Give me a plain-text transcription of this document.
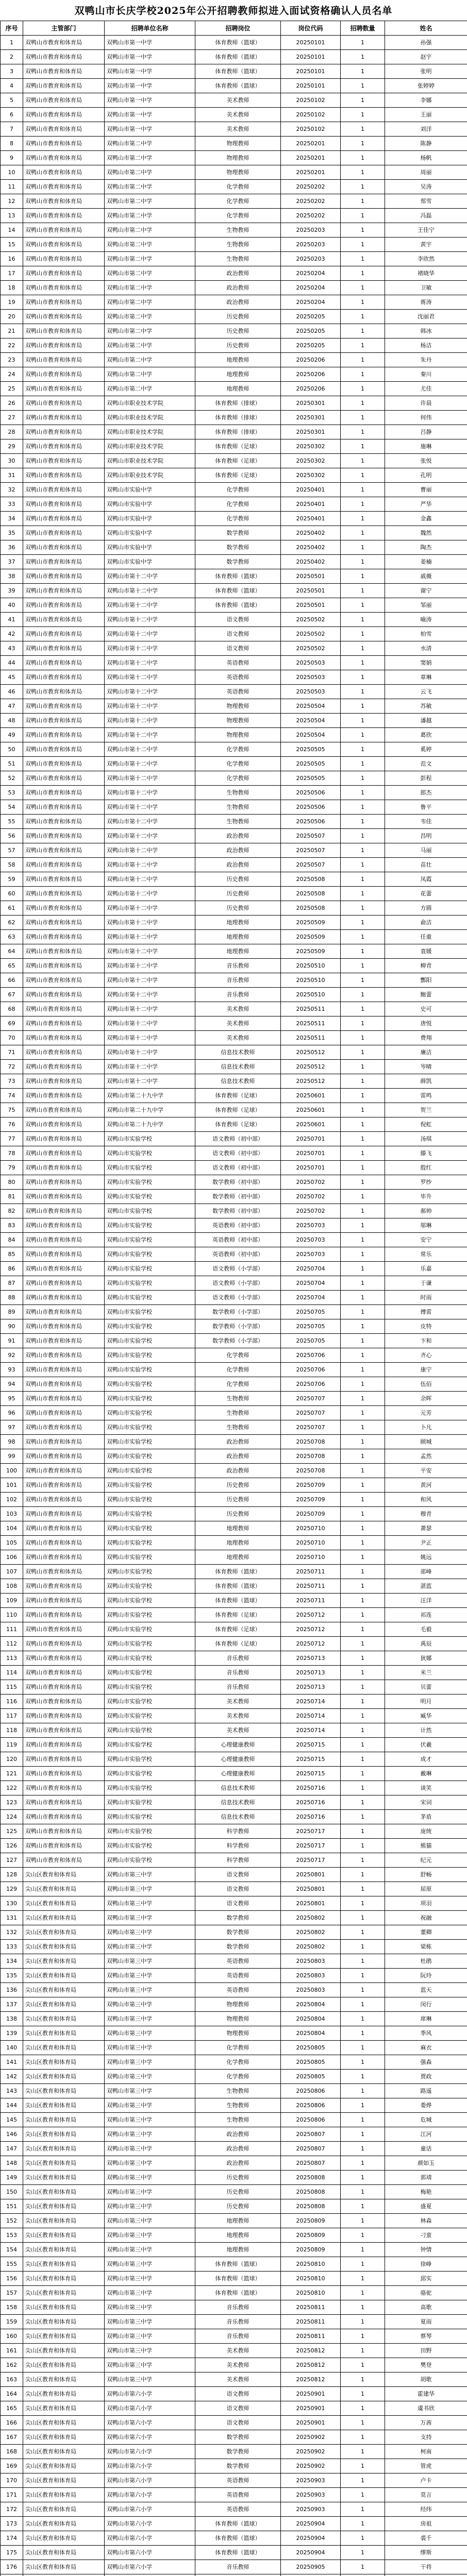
双鸭山市长庆学校2025年公开招聘教师拟进入面试资格确认人员名单
序号	主管部门	招聘单位名称	招聘岗位	岗位代码	招聘数量	姓名
1	双鸭山市教育和体育局	双鸭山市第一中学	体育教师（篮球）	20250101	1	孙强
2	双鸭山市教育和体育局	双鸭山市第一中学	体育教师（篮球）	20250101	1	赵宇
3	双鸭山市教育和体育局	双鸭山市第一中学	体育教师（篮球）	20250101	1	张明
4	双鸭山市教育和体育局	双鸭山市第一中学	体育教师（篮球）	20250101	1	张婷婷
5	双鸭山市教育和体育局	双鸭山市第一中学	美术教师	20250102	1	李娜
6	双鸭山市教育和体育局	双鸭山市第一中学	美术教师	20250102	1	王丽
7	双鸭山市教育和体育局	双鸭山市第一中学	美术教师	20250102	1	刘洋
8	双鸭山市教育和体育局	双鸭山市第二中学	物理教师	20250201	1	陈静
9	双鸭山市教育和体育局	双鸭山市第二中学	物理教师	20250201	1	杨帆
10	双鸭山市教育和体育局	双鸭山市第二中学	物理教师	20250201	1	周丽
11	双鸭山市教育和体育局	双鸭山市第二中学	化学教师	20250202	1	吴涛
12	双鸭山市教育和体育局	双鸭山市第二中学	化学教师	20250202	1	郑雪
13	双鸭山市教育和体育局	双鸭山市第二中学	化学教师	20250202	1	冯磊
14	双鸭山市教育和体育局	双鸭山市第二中学	生物教师	20250203	1	王佳宁
15	双鸭山市教育和体育局	双鸭山市第二中学	生物教师	20250203	1	黄宇
16	双鸭山市教育和体育局	双鸭山市第二中学	生物教师	20250203	1	李欣然
17	双鸭山市教育和体育局	双鸭山市第二中学	政治教师	20250204	1	褚晓华
18	双鸭山市教育和体育局	双鸭山市第二中学	政治教师	20250204	1	卫敏
19	双鸭山市教育和体育局	双鸭山市第二中学	政治教师	20250204	1	蒋涛
20	双鸭山市教育和体育局	双鸭山市第二中学	历史教师	20250205	1	沈丽君
21	双鸭山市教育和体育局	双鸭山市第二中学	历史教师	20250205	1	韩冰
22	双鸭山市教育和体育局	双鸭山市第二中学	历史教师	20250205	1	杨洁
23	双鸭山市教育和体育局	双鸭山市第二中学	地理教师	20250206	1	朱丹
24	双鸭山市教育和体育局	双鸭山市第二中学	地理教师	20250206	1	秦川
25	双鸭山市教育和体育局	双鸭山市第二中学	地理教师	20250206	1	尤佳
26	双鸭山市教育和体育局	双鸭山市职业技术学院	体育教师（排球）	20250301	1	许晨
27	双鸭山市教育和体育局	双鸭山市职业技术学院	体育教师（排球）	20250301	1	何伟
28	双鸭山市教育和体育局	双鸭山市职业技术学院	体育教师（排球）	20250301	1	吕静
29	双鸭山市教育和体育局	双鸭山市职业技术学院	体育教师（足球）	20250302	1	施琳
30	双鸭山市教育和体育局	双鸭山市职业技术学院	体育教师（足球）	20250302	1	张悦
31	双鸭山市教育和体育局	双鸭山市职业技术学院	体育教师（足球）	20250302	1	孔明
32	双鸭山市教育和体育局	双鸭山市实验中学	化学教师	20250401	1	曹丽
33	双鸭山市教育和体育局	双鸭山市实验中学	化学教师	20250401	1	严华
34	双鸭山市教育和体育局	双鸭山市实验中学	化学教师	20250401	1	金鑫
35	双鸭山市教育和体育局	双鸭山市实验中学	数学教师	20250402	1	魏然
36	双鸭山市教育和体育局	双鸭山市实验中学	数学教师	20250402	1	陶杰
37	双鸭山市教育和体育局	双鸭山市实验中学	数学教师	20250402	1	姜楠
38	双鸭山市教育和体育局	双鸭山市第十二中学	体育教师（篮球）	20250501	1	戚薇
39	双鸭山市教育和体育局	双鸭山市第十二中学	体育教师（篮球）	20250501	1	谢宁
40	双鸭山市教育和体育局	双鸭山市第十二中学	体育教师（篮球）	20250501	1	邹丽
41	双鸭山市教育和体育局	双鸭山市第十二中学	语文教师	20250502	1	喻涛
42	双鸭山市教育和体育局	双鸭山市第十二中学	语文教师	20250502	1	柏雪
43	双鸭山市教育和体育局	双鸭山市第十二中学	语文教师	20250502	1	水清
44	双鸭山市教育和体育局	双鸭山市第十二中学	英语教师	20250503	1	窦娟
45	双鸭山市教育和体育局	双鸭山市第十二中学	英语教师	20250503	1	章琳
46	双鸭山市教育和体育局	双鸭山市第十二中学	英语教师	20250503	1	云飞
47	双鸭山市教育和体育局	双鸭山市第十二中学	物理教师	20250504	1	苏敏
48	双鸭山市教育和体育局	双鸭山市第十二中学	物理教师	20250504	1	潘越
49	双鸭山市教育和体育局	双鸭山市第十二中学	物理教师	20250504	1	葛欣
50	双鸭山市教育和体育局	双鸭山市第十二中学	化学教师	20250505	1	奚婷
51	双鸭山市教育和体育局	双鸭山市第十二中学	化学教师	20250505	1	范文
52	双鸭山市教育和体育局	双鸭山市第十二中学	化学教师	20250505	1	彭程
53	双鸭山市教育和体育局	双鸭山市第十二中学	生物教师	20250506	1	郎杰
54	双鸭山市教育和体育局	双鸭山市第十二中学	生物教师	20250506	1	鲁平
55	双鸭山市教育和体育局	双鸭山市第十二中学	生物教师	20250506	1	韦佳
56	双鸭山市教育和体育局	双鸭山市第十二中学	政治教师	20250507	1	昌明
57	双鸭山市教育和体育局	双鸭山市第十二中学	政治教师	20250507	1	马丽
58	双鸭山市教育和体育局	双鸭山市第十二中学	政治教师	20250507	1	苗壮
59	双鸭山市教育和体育局	双鸭山市第十二中学	历史教师	20250508	1	凤霞
60	双鸭山市教育和体育局	双鸭山市第十二中学	历史教师	20250508	1	花蕾
61	双鸭山市教育和体育局	双鸭山市第十二中学	历史教师	20250508	1	方圆
62	双鸭山市教育和体育局	双鸭山市第十二中学	地理教师	20250509	1	俞洁
63	双鸭山市教育和体育局	双鸭山市第十二中学	地理教师	20250509	1	任重
64	双鸭山市教育和体育局	双鸭山市第十二中学	地理教师	20250509	1	袁媛
65	双鸭山市教育和体育局	双鸭山市第十二中学	音乐教师	20250510	1	柳青
66	双鸭山市教育和体育局	双鸭山市第十二中学	音乐教师	20250510	1	酆阳
67	双鸭山市教育和体育局	双鸭山市第十二中学	音乐教师	20250510	1	鲍蕾
68	双鸭山市教育和体育局	双鸭山市第十二中学	美术教师	20250511	1	史可
69	双鸭山市教育和体育局	双鸭山市第十二中学	美术教师	20250511	1	唐悦
70	双鸭山市教育和体育局	双鸭山市第十二中学	美术教师	20250511	1	费翔
71	双鸭山市教育和体育局	双鸭山市第十二中学	信息技术教师	20250512	1	廉洁
72	双鸭山市教育和体育局	双鸭山市第十二中学	信息技术教师	20250512	1	岑晴
73	双鸭山市教育和体育局	双鸭山市第十二中学	信息技术教师	20250512	1	薛凯
74	双鸭山市教育和体育局	双鸭山市第二十九中学	体育教师（足球）	20250601	1	雷鸣
75	双鸭山市教育和体育局	双鸭山市第二十九中学	体育教师（足球）	20250601	1	贺兰
76	双鸭山市教育和体育局	双鸭山市第二十九中学	体育教师（足球）	20250601	1	倪虹
77	双鸭山市教育和体育局	双鸭山市实验学校	语文教师（初中部）	20250701	1	汤琪
78	双鸭山市教育和体育局	双鸭山市实验学校	语文教师（初中部）	20250701	1	滕飞
79	双鸭山市教育和体育局	双鸭山市实验学校	语文教师（初中部）	20250701	1	殷红
80	双鸭山市教育和体育局	双鸭山市实验学校	数学教师（初中部）	20250702	1	罗纱
81	双鸭山市教育和体育局	双鸭山市实验学校	数学教师（初中部）	20250702	1	毕升
82	双鸭山市教育和体育局	双鸭山市实验学校	数学教师（初中部）	20250702	1	郝帅
83	双鸭山市教育和体育局	双鸭山市实验学校	英语教师（初中部）	20250703	1	邬琳
84	双鸭山市教育和体育局	双鸭山市实验学校	英语教师（初中部）	20250703	1	安宁
85	双鸭山市教育和体育局	双鸭山市实验学校	英语教师（初中部）	20250703	1	常乐
86	双鸭山市教育和体育局	双鸭山市实验学校	语文教师（小学部）	20250704	1	乐嘉
87	双鸭山市教育和体育局	双鸭山市实验学校	语文教师（小学部）	20250704	1	于谦
88	双鸭山市教育和体育局	双鸭山市实验学校	语文教师（小学部）	20250704	1	时雨
89	双鸭山市教育和体育局	双鸭山市实验学校	数学教师（小学部）	20250705	1	傅雷
90	双鸭山市教育和体育局	双鸭山市实验学校	数学教师（小学部）	20250705	1	皮特
91	双鸭山市教育和体育局	双鸭山市实验学校	数学教师（小学部）	20250705	1	卞和
92	双鸭山市教育和体育局	双鸭山市实验学校	化学教师	20250706	1	齐心
93	双鸭山市教育和体育局	双鸭山市实验学校	化学教师	20250706	1	康宁
94	双鸭山市教育和体育局	双鸭山市实验学校	化学教师	20250706	1	伍佰
95	双鸭山市教育和体育局	双鸭山市实验学校	生物教师	20250707	1	余晖
96	双鸭山市教育和体育局	双鸭山市实验学校	生物教师	20250707	1	元芳
97	双鸭山市教育和体育局	双鸭山市实验学校	生物教师	20250707	1	卜凡
98	双鸭山市教育和体育局	双鸭山市实验学校	政治教师	20250708	1	顾城
99	双鸭山市教育和体育局	双鸭山市实验学校	政治教师	20250708	1	孟然
100	双鸭山市教育和体育局	双鸭山市实验学校	政治教师	20250708	1	平安
101	双鸭山市教育和体育局	双鸭山市实验学校	历史教师	20250709	1	黄河
102	双鸭山市教育和体育局	双鸭山市实验学校	历史教师	20250709	1	和风
103	双鸭山市教育和体育局	双鸭山市实验学校	历史教师	20250709	1	穆青
104	双鸭山市教育和体育局	双鸭山市实验学校	地理教师	20250710	1	萧瑟
105	双鸭山市教育和体育局	双鸭山市实验学校	地理教师	20250710	1	尹正
106	双鸭山市教育和体育局	双鸭山市实验学校	地理教师	20250710	1	姚远
107	双鸭山市教育和体育局	双鸭山市实验学校	体育教师（篮球）	20250711	1	邵峰
108	双鸭山市教育和体育局	双鸭山市实验学校	体育教师（篮球）	20250711	1	湛蓝
109	双鸭山市教育和体育局	双鸭山市实验学校	体育教师（篮球）	20250711	1	汪洋
110	双鸭山市教育和体育局	双鸭山市实验学校	体育教师（足球）	20250712	1	祁连
111	双鸭山市教育和体育局	双鸭山市实验学校	体育教师（足球）	20250712	1	毛毅
112	双鸭山市教育和体育局	双鸭山市实验学校	体育教师（足球）	20250712	1	禹辰
113	双鸭山市教育和体育局	双鸭山市实验学校	音乐教师	20250713	1	狄娜
114	双鸭山市教育和体育局	双鸭山市实验学校	音乐教师	20250713	1	米兰
115	双鸭山市教育和体育局	双鸭山市实验学校	音乐教师	20250713	1	贝蕾
116	双鸭山市教育和体育局	双鸭山市实验学校	美术教师	20250714	1	明月
117	双鸭山市教育和体育局	双鸭山市实验学校	美术教师	20250714	1	臧华
118	双鸭山市教育和体育局	双鸭山市实验学校	美术教师	20250714	1	计然
119	双鸭山市教育和体育局	双鸭山市实验学校	心理健康教师	20250715	1	伏羲
120	双鸭山市教育和体育局	双鸭山市实验学校	心理健康教师	20250715	1	成才
121	双鸭山市教育和体育局	双鸭山市实验学校	心理健康教师	20250715	1	戴琳
122	双鸭山市教育和体育局	双鸭山市实验学校	信息技术教师	20250716	1	谈笑
123	双鸭山市教育和体育局	双鸭山市实验学校	信息技术教师	20250716	1	宋词
124	双鸭山市教育和体育局	双鸭山市实验学校	信息技术教师	20250716	1	茅盾
125	双鸭山市教育和体育局	双鸭山市实验学校	科学教师	20250717	1	庞统
126	双鸭山市教育和体育局	双鸭山市实验学校	科学教师	20250717	1	熊猫
127	双鸭山市教育和体育局	双鸭山市实验学校	科学教师	20250717	1	纪元
128	尖山区教育和体育局	双鸭山市第三中学	语文教师	20250801	1	舒畅
129	尖山区教育和体育局	双鸭山市第三中学	语文教师	20250801	1	屈原
130	尖山区教育和体育局	双鸭山市第三中学	语文教师	20250801	1	项羽
131	尖山区教育和体育局	双鸭山市第三中学	数学教师	20250802	1	祝融
132	尖山区教育和体育局	双鸭山市第三中学	数学教师	20250802	1	董卿
133	尖山区教育和体育局	双鸭山市第三中学	数学教师	20250802	1	梁栋
134	尖山区教育和体育局	双鸭山市第三中学	英语教师	20250803	1	杜鹃
135	尖山区教育和体育局	双鸭山市第三中学	英语教师	20250803	1	阮玲
136	尖山区教育和体育局	双鸭山市第三中学	英语教师	20250803	1	蓝天
137	尖山区教育和体育局	双鸭山市第三中学	物理教师	20250804	1	闵行
138	尖山区教育和体育局	双鸭山市第三中学	物理教师	20250804	1	席琳
139	尖山区教育和体育局	双鸭山市第三中学	物理教师	20250804	1	季风
140	尖山区教育和体育局	双鸭山市第三中学	化学教师	20250805	1	麻衣
141	尖山区教育和体育局	双鸭山市第三中学	化学教师	20250805	1	强森
142	尖山区教育和体育局	双鸭山市第三中学	化学教师	20250805	1	贾政
143	尖山区教育和体育局	双鸭山市第三中学	生物教师	20250806	1	路遥
144	尖山区教育和体育局	双鸭山市第三中学	生物教师	20250806	1	娄烨
145	尖山区教育和体育局	双鸭山市第三中学	生物教师	20250806	1	危城
146	尖山区教育和体育局	双鸭山市第三中学	政治教师	20250807	1	江河
147	尖山区教育和体育局	双鸭山市第三中学	政治教师	20250807	1	童话
148	尖山区教育和体育局	双鸭山市第三中学	政治教师	20250807	1	颜如玉
149	尖山区教育和体育局	双鸭山市第三中学	历史教师	20250808	1	郭靖
150	尖山区教育和体育局	双鸭山市第三中学	历史教师	20250808	1	梅艳
151	尖山区教育和体育局	双鸭山市第三中学	历史教师	20250808	1	盛夏
152	尖山区教育和体育局	双鸭山市第三中学	地理教师	20250809	1	林森
153	尖山区教育和体育局	双鸭山市第三中学	地理教师	20250809	1	刁蛮
154	尖山区教育和体育局	双鸭山市第三中学	地理教师	20250809	1	钟情
155	尖山区教育和体育局	双鸭山市第三中学	体育教师（篮球）	20250810	1	徐峥
156	尖山区教育和体育局	双鸭山市第三中学	体育教师（篮球）	20250810	1	邱实
157	尖山区教育和体育局	双鸭山市第三中学	体育教师（篮球）	20250810	1	骆驼
158	尖山区教育和体育局	双鸭山市第三中学	音乐教师	20250811	1	高歌
159	尖山区教育和体育局	双鸭山市第三中学	音乐教师	20250811	1	夏雨
160	尖山区教育和体育局	双鸭山市第三中学	音乐教师	20250811	1	蔡琴
161	尖山区教育和体育局	双鸭山市第三中学	美术教师	20250812	1	田野
162	尖山区教育和体育局	双鸭山市第三中学	美术教师	20250812	1	樊登
163	尖山区教育和体育局	双鸭山市第三中学	美术教师	20250812	1	胡歌
164	尖山区教育和体育局	双鸭山市第六小学	语文教师	20250901	1	霍建华
165	尖山区教育和体育局	双鸭山市第六小学	语文教师	20250901	1	虞书欣
166	尖山区教育和体育局	双鸭山市第六小学	语文教师	20250901	1	万茜
167	尖山区教育和体育局	双鸭山市第六小学	数学教师	20250902	1	支持
168	尖山区教育和体育局	双鸭山市第六小学	数学教师	20250902	1	柯南
169	尖山区教育和体育局	双鸭山市第六小学	数学教师	20250902	1	管虎
170	尖山区教育和体育局	双鸭山市第六小学	英语教师	20250903	1	卢卡
171	尖山区教育和体育局	双鸭山市第六小学	英语教师	20250903	1	莫言
172	尖山区教育和体育局	双鸭山市第六小学	英语教师	20250903	1	经纬
173	尖山区教育和体育局	双鸭山市第六小学	体育教师（篮球）	20250904	1	房祖
174	尖山区教育和体育局	双鸭山市第六小学	体育教师（篮球）	20250904	1	裘千
175	尖山区教育和体育局	双鸭山市第六小学	体育教师（篮球）	20250904	1	缪斯
176	尖山区教育和体育局	双鸭山市第六小学	音乐教师	20250905	1	干将
